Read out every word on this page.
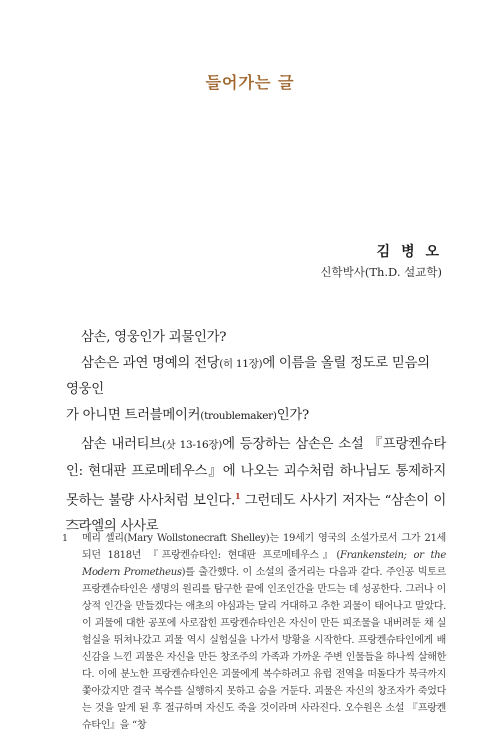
들어가는 글
김 병 오
신학박사(Th.D. 설교학)

삼손, 영웅인가 괴물인가?

삼손은 과연 명예의 전당(히 11장)에 이름을 올릴 정도로 믿음의 영웅인

가 아니면 트러블메이커(troublemaker)인가?

삼손 내러티브(삿 13-16장)에 등장하는 삼손은 소설 『프랑켄슈타인: 현대판 프로메테우스』에 나오는 괴수처럼 하나님도 통제하지 못하는 불량 사사처럼 보인다.$^1$ 그런데도 사사기 저자는 “삼손이 이스라엘의 사사로

1 메리 셸리(Mary Wollstonecraft Shelley)는 19세기 영국의 소설가로서 그가 21세 되던 1818년 『프랑켄슈타인: 현대판 프로메테우스』(Frankenstein; or the Modern Prometheus)를 출간했다. 이 소설의 줄거리는 다음과 같다. 주인공 빅토르 프랑켄슈타인은 생명의 원리를 탐구한 끝에 인조인간을 만드는 데 성공한다. 그러나 이상적 인간을 만들겠다는 애초의 야심과는 달리 거대하고 추한 괴물이 태어나고 말았다. 이 괴물에 대한 공포에 사로잡힌 프랑켄슈타인은 자신이 만든 피조물을 내버려둔 채 실험실을 뛰쳐나갔고 괴물 역시 실험실을 나가서 방황을 시작한다. 프랑켄슈타인에게 배신감을 느낀 괴물은 자신을 만든 창조주의 가족과 가까운 주변 인물들을 하나씩 살해한다. 이에 분노한 프랑켄슈타인은 괴물에게 복수하려고 유럽 전역을 떠돌다가 북극까지 쫓아갔지만 결국 복수를 실행하지 못하고 숨을 거둔다. 괴물은 자신의 창조자가 죽었다는 것을 알게 된 후 절규하며 자신도 죽을 것이라며 사라진다. 오수원은 소설 『프랑켄슈타인』을 “창
